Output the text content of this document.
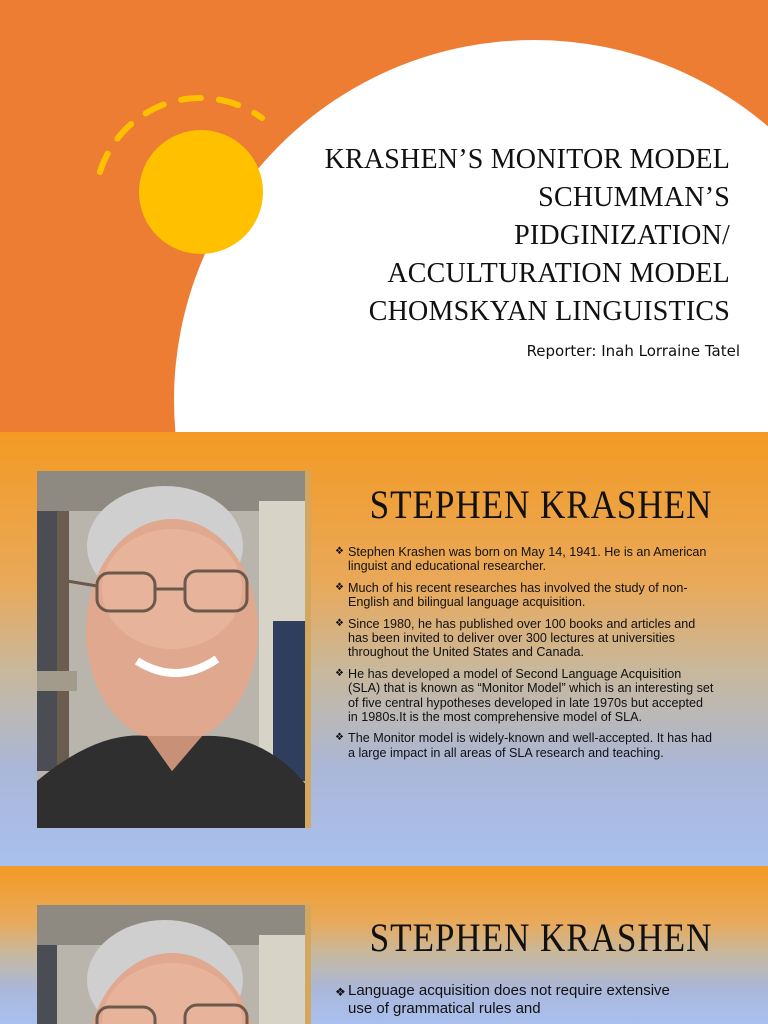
KRASHEN’S MONITOR MODEL
SCHUMMAN’S
PIDGINIZATION/
ACCULTURATION MODEL
CHOMSKYAN LINGUISTICS
Reporter: Inah Lorraine Tatel
STEPHEN KRASHEN
❖ Stephen Krashen was born on May 14, 1941. He is an American linguist and educational researcher.
❖ Much of his recent researches has involved the study of non-English and bilingual language acquisition.
❖ Since 1980, he has published over 100 books and articles and has been invited to deliver over 300 lectures at universities throughout the United States and Canada.
❖ He has developed a model of Second Language Acquisition (SLA) that is known as “Monitor Model” which is an interesting set of five central hypotheses developed in late 1970s but accepted in 1980s.It is the most comprehensive model of SLA.
❖ The Monitor model is widely-known and well-accepted. It has had a large impact in all areas of SLA research and teaching.
STEPHEN KRASHEN
❖ Language acquisition does not require extensive use of grammatical rules and
